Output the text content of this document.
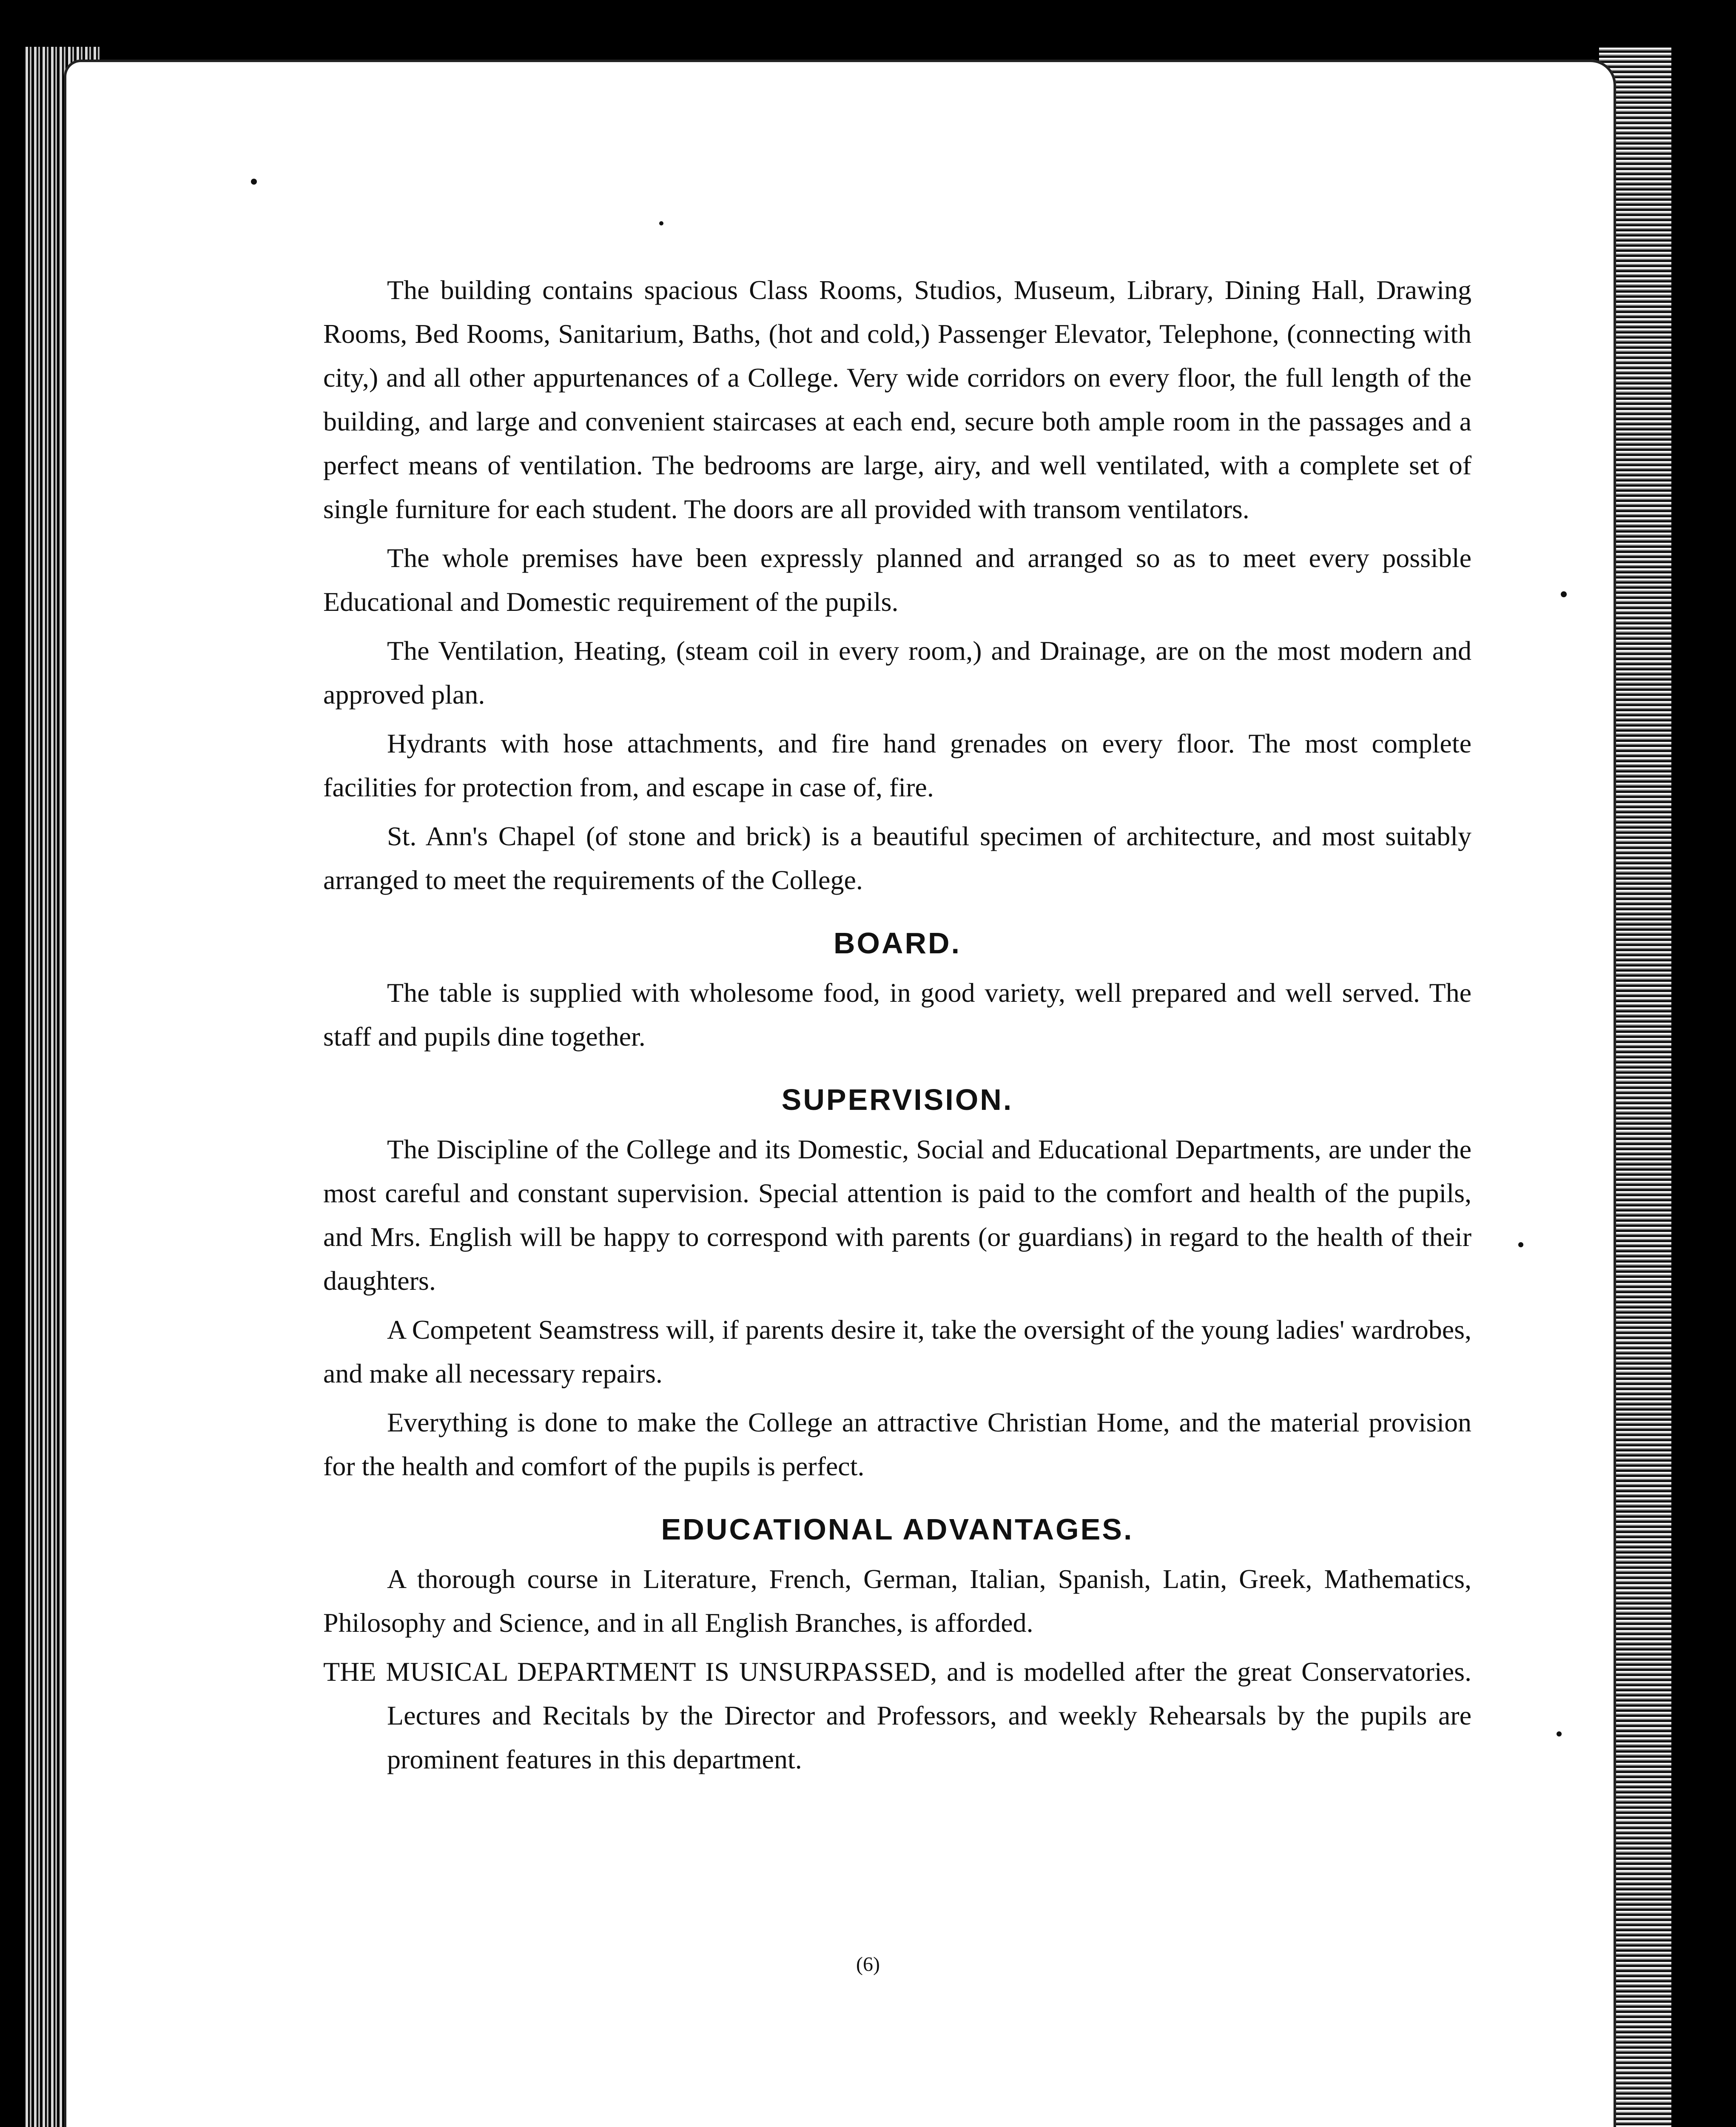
The building contains spacious Class Rooms, Studios, Museum, Library, Dining Hall, Drawing Rooms, Bed Rooms, Sanitarium, Baths, (hot and cold,) Passenger Elevator, Telephone, (connecting with city,) and all other appurtenances of a College. Very wide corridors on every floor, the full length of the building, and large and convenient staircases at each end, secure both ample room in the passages and a perfect means of ventilation. The bedrooms are large, airy, and well ventilated, with a complete set of single furniture for each student. The doors are all provided with transom ventilators.

The whole premises have been expressly planned and arranged so as to meet every possible Educational and Domestic requirement of the pupils.

The Ventilation, Heating, (steam coil in every room,) and Drainage, are on the most modern and approved plan.

Hydrants with hose attachments, and fire hand grenades on every floor. The most complete facilities for protection from, and escape in case of, fire.

St. Ann's Chapel (of stone and brick) is a beautiful specimen of architecture, and most suitably arranged to meet the requirements of the College.

BOARD.

The table is supplied with wholesome food, in good variety, well prepared and well served. The staff and pupils dine together.

SUPERVISION.

The Discipline of the College and its Domestic, Social and Educational Departments, are under the most careful and constant supervision. Special attention is paid to the comfort and health of the pupils, and Mrs. English will be happy to correspond with parents (or guardians) in regard to the health of their daughters.

A Competent Seamstress will, if parents desire it, take the oversight of the young ladies' wardrobes, and make all necessary repairs.

Everything is done to make the College an attractive Christian Home, and the material provision for the health and comfort of the pupils is perfect.

EDUCATIONAL ADVANTAGES.

A thorough course in Literature, French, German, Italian, Spanish, Latin, Greek, Mathematics, Philosophy and Science, and in all English Branches, is afforded.

THE MUSICAL DEPARTMENT IS UNSURPASSED, and is modelled after the great Conservatories. Lectures and Recitals by the Director and Professors, and weekly Rehearsals by the pupils are prominent features in this department.

(6)
